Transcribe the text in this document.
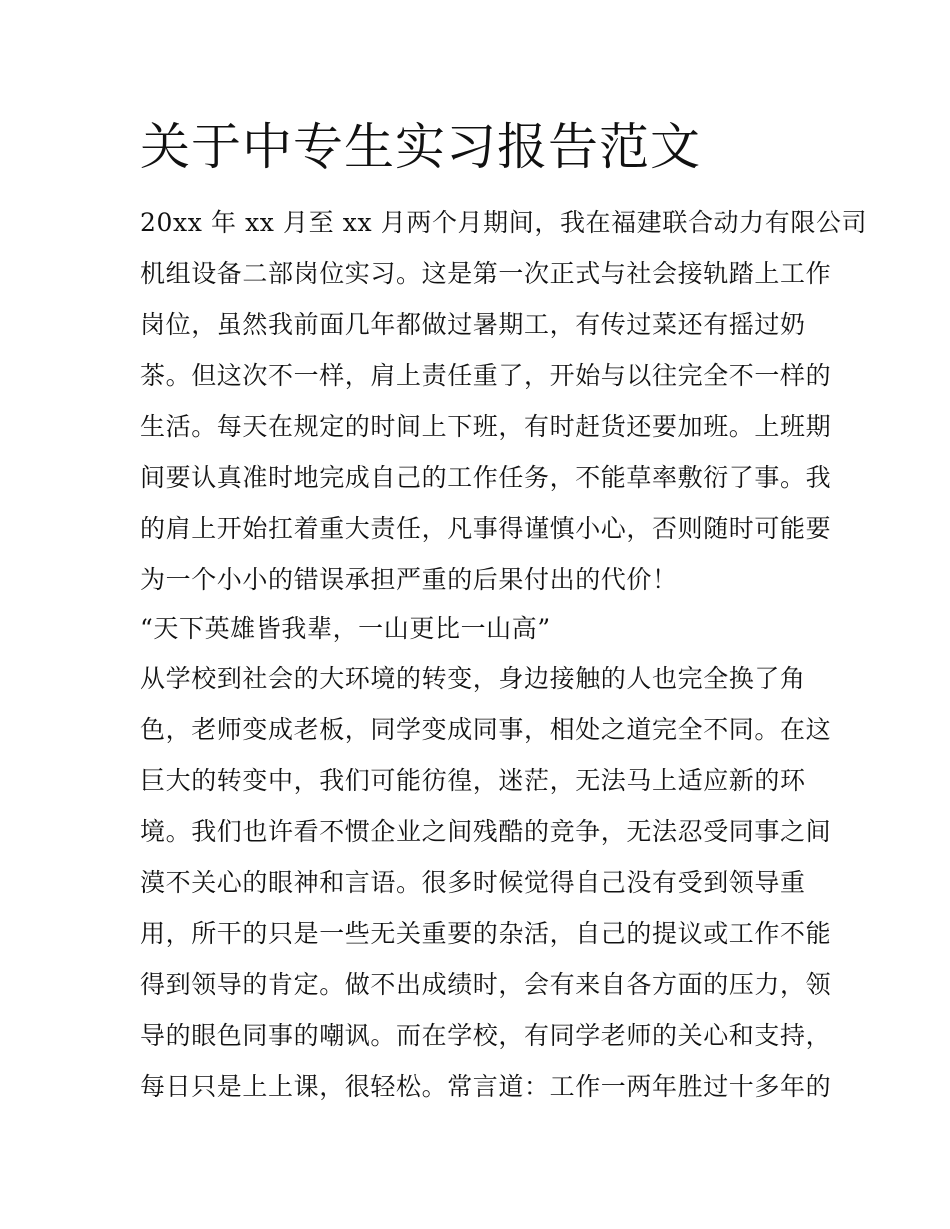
关于中专生实习报告范文
20xx 年 xx 月至 xx 月两个月期间，我在福建联合动力有限公司
机组设备二部岗位实习。这是第一次正式与社会接轨踏上工作
岗位，虽然我前面几年都做过暑期工，有传过菜还有摇过奶
茶。但这次不一样，肩上责任重了，开始与以往完全不一样的
生活。每天在规定的时间上下班，有时赶货还要加班。上班期
间要认真准时地完成自己的工作任务，不能草率敷衍了事。我
的肩上开始扛着重大责任，凡事得谨慎小心，否则随时可能要
为一个小小的错误承担严重的后果付出的代价！
“天下英雄皆我辈，一山更比一山高”
从学校到社会的大环境的转变，身边接触的人也完全换了角
色，老师变成老板，同学变成同事，相处之道完全不同。在这
巨大的转变中，我们可能彷徨，迷茫，无法马上适应新的环
境。我们也许看不惯企业之间残酷的竞争，无法忍受同事之间
漠不关心的眼神和言语。很多时候觉得自己没有受到领导重
用，所干的只是一些无关重要的杂活，自己的提议或工作不能
得到领导的肯定。做不出成绩时，会有来自各方面的压力，领
导的眼色同事的嘲讽。而在学校，有同学老师的关心和支持，
每日只是上上课，很轻松。常言道：工作一两年胜过十多年的
